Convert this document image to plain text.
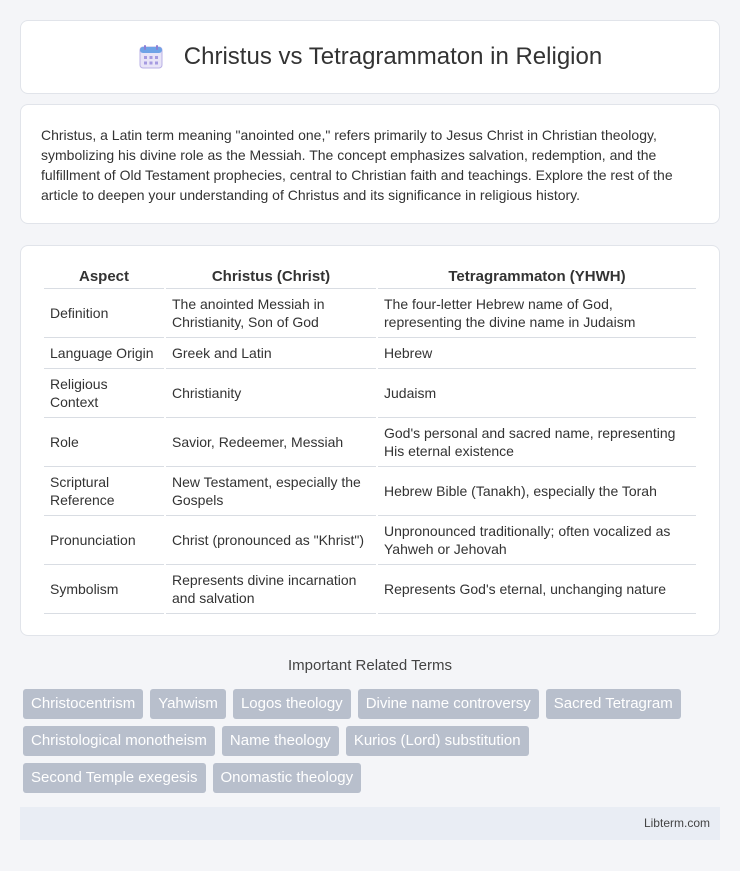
Christus vs Tetragrammaton in Religion

Christus, a Latin term meaning "anointed one," refers primarily to Jesus Christ in Christian theology, symbolizing his divine role as the Messiah. The concept emphasizes salvation, redemption, and the fulfillment of Old Testament prophecies, central to Christian faith and teachings. Explore the rest of the article to deepen your understanding of Christus and its significance in religious history.

Aspect	Christus (Christ)	Tetragrammaton (YHWH)
Definition	The anointed Messiah in Christianity, Son of God	The four-letter Hebrew name of God, representing the divine name in Judaism
Language Origin	Greek and Latin	Hebrew
Religious Context	Christianity	Judaism
Role	Savior, Redeemer, Messiah	God's personal and sacred name, representing His eternal existence
Scriptural Reference	New Testament, especially the Gospels	Hebrew Bible (Tanakh), especially the Torah
Pronunciation	Christ (pronounced as "Khrist")	Unpronounced traditionally; often vocalized as Yahweh or Jehovah
Symbolism	Represents divine incarnation and salvation	Represents God's eternal, unchanging nature
Important Related Terms
Christocentrism	Yahwism	Logos theology	Divine name controversy	Sacred Tetragram
Christological monotheism	Name theology	Kurios (Lord) substitution
Second Temple exegesis	Onomastic theology
Libterm.com
